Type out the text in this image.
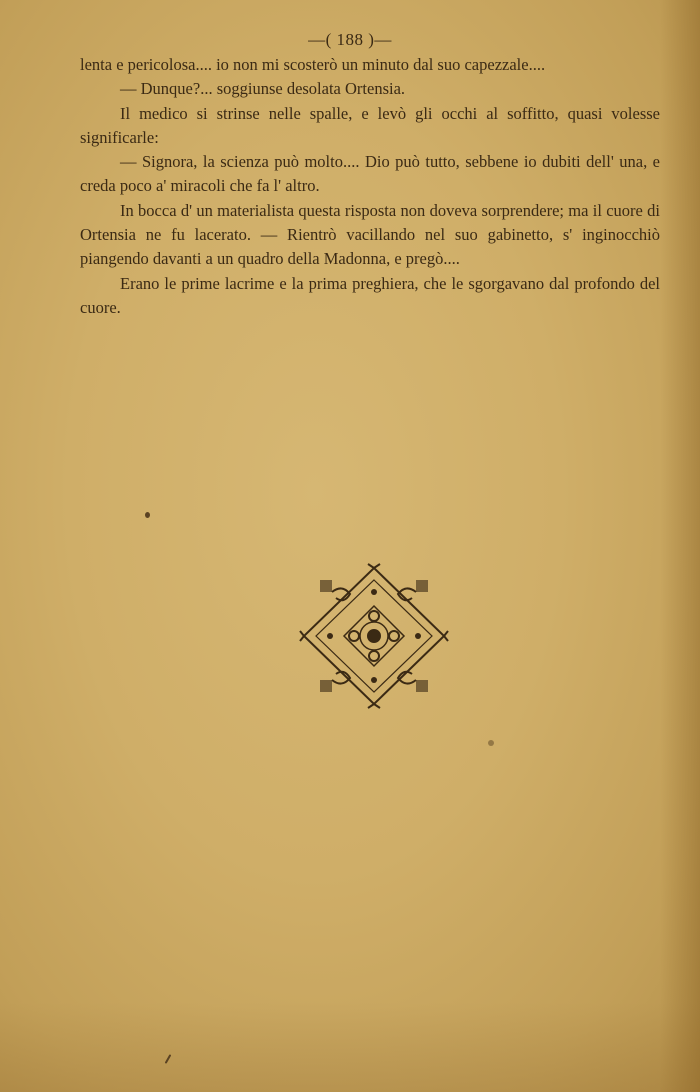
—( 188 )—

lenta e pericolosa.... io non mi scosterò un minuto dal suo capezzale....

— Dunque?... soggiunse desolata Ortensia.

Il medico si strinse nelle spalle, e levò gli occhi al soffitto, quasi volesse significarle:

— Signora, la scienza può molto.... Dio può tutto, sebbene io dubiti dell' una, e creda poco a' miracoli che fa l' altro.

In bocca d' un materialista questa risposta non doveva sorprendere; ma il cuore di Ortensia ne fu lacerato. — Rientrò vacillando nel suo gabinetto, s' inginocchiò piangendo davanti a un quadro della Madonna, e pregò....

Erano le prime lacrime e la prima preghiera, che le sgorgavano dal profondo del cuore.
